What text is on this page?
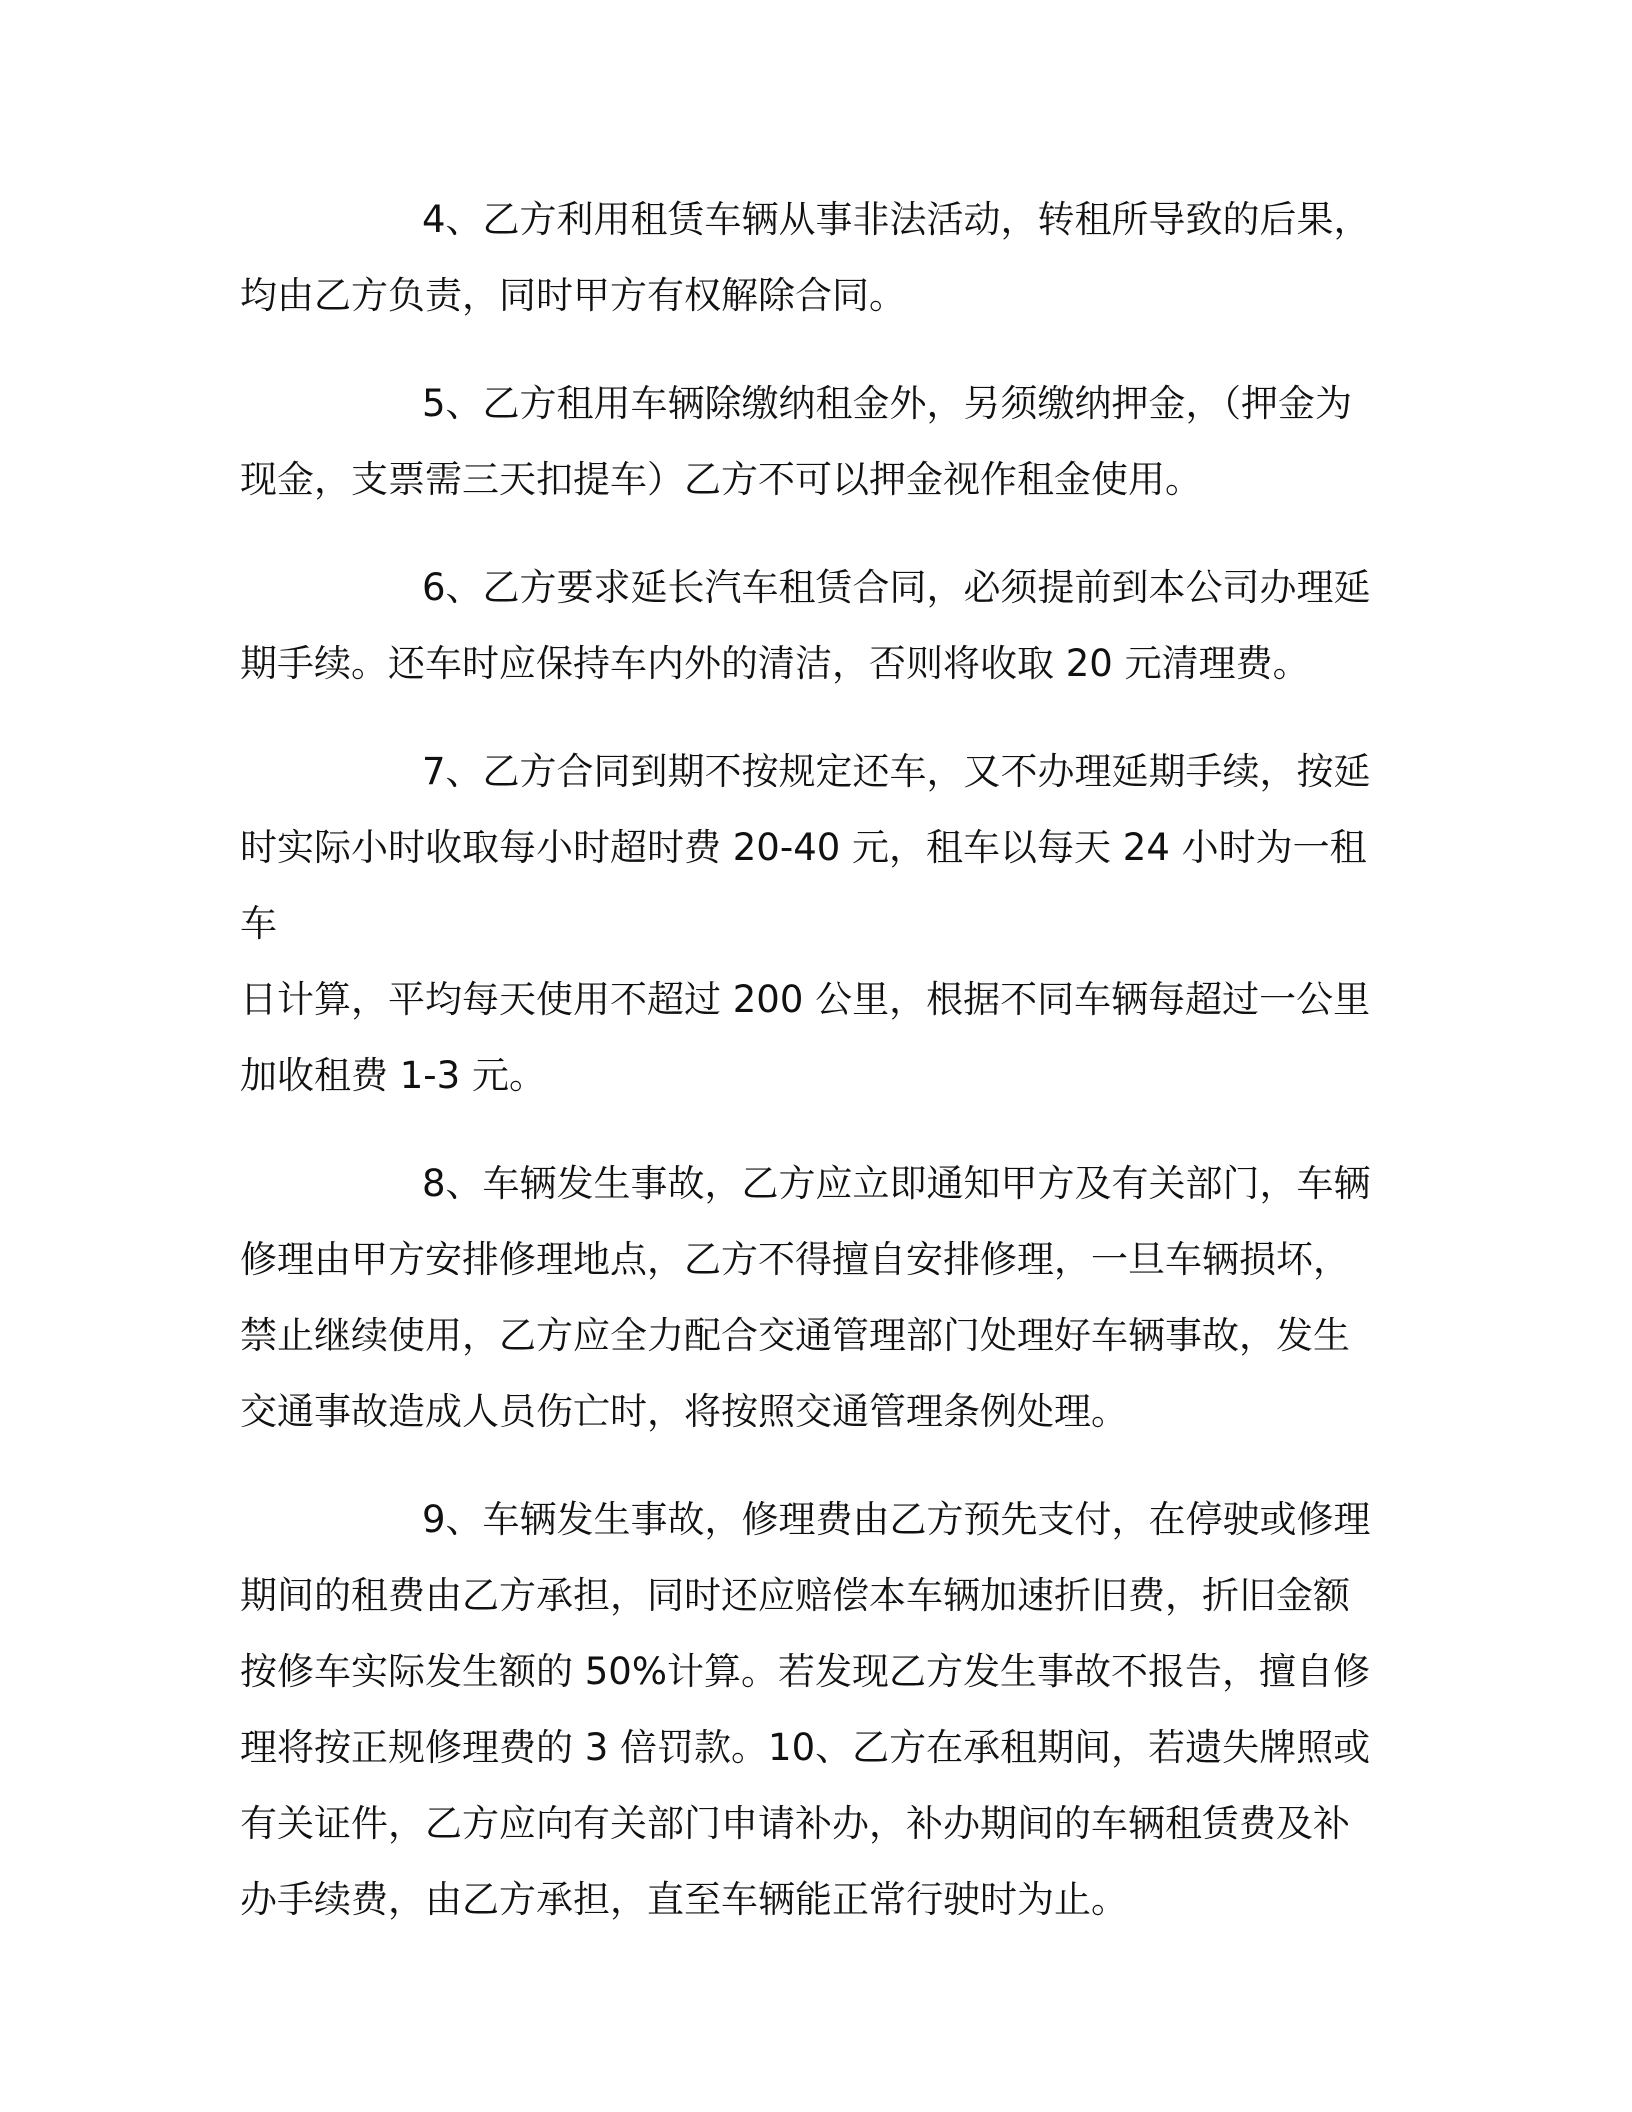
4、乙方利用租赁车辆从事非法活动，转租所导致的后果，
均由乙方负责，同时甲方有权解除合同。

5、乙方租用车辆除缴纳租金外，另须缴纳押金，（押金为
现金，支票需三天扣提车）乙方不可以押金视作租金使用。

6、乙方要求延长汽车租赁合同，必须提前到本公司办理延
期手续。还车时应保持车内外的清洁，否则将收取 20 元清理费。

7、乙方合同到期不按规定还车，又不办理延期手续，按延
时实际小时收取每小时超时费 20-40 元，租车以每天 24 小时为一租车
日计算，平均每天使用不超过 200 公里，根据不同车辆每超过一公里
加收租费 1-3 元。

8、车辆发生事故，乙方应立即通知甲方及有关部门，车辆
修理由甲方安排修理地点，乙方不得擅自安排修理，一旦车辆损坏，
禁止继续使用，乙方应全力配合交通管理部门处理好车辆事故，发生
交通事故造成人员伤亡时，将按照交通管理条例处理。

9、车辆发生事故，修理费由乙方预先支付，在停驶或修理
期间的租费由乙方承担，同时还应赔偿本车辆加速折旧费，折旧金额
按修车实际发生额的 50%计算。若发现乙方发生事故不报告，擅自修
理将按正规修理费的 3 倍罚款。10、乙方在承租期间，若遗失牌照或
有关证件，乙方应向有关部门申请补办，补办期间的车辆租赁费及补
办手续费，由乙方承担，直至车辆能正常行驶时为止。
